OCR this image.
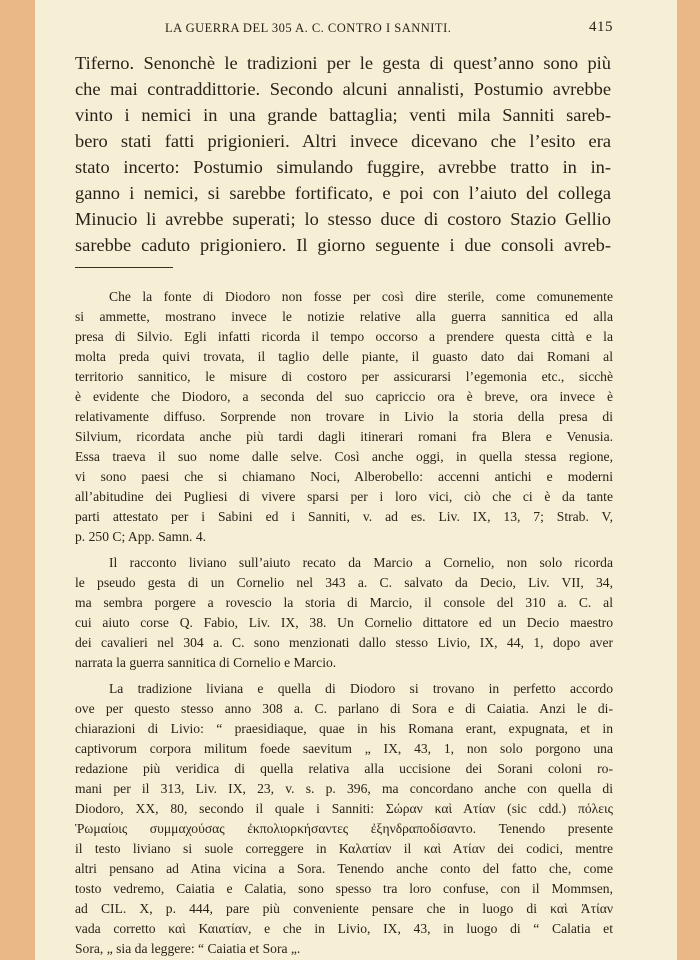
LA GUERRA DEL 305 A. C. CONTRO I SANNITI.	415
Tiferno. Senonchè le tradizioni per le gesta di quest’anno sono più
che mai contraddittorie. Secondo alcuni annalisti, Postumio avrebbe
vinto i nemici in una grande battaglia; venti mila Sanniti sareb-
bero stati fatti prigionieri. Altri invece dicevano che l’esito era
stato incerto: Postumio simulando fuggire, avrebbe tratto in in-
ganno i nemici, si sarebbe fortificato, e poi con l’aiuto del collega
Minucio li avrebbe superati; lo stesso duce di costoro Stazio Gellio
sarebbe caduto prigioniero. Il giorno seguente i due consoli avreb-
Che la fonte di Diodoro non fosse per così dire sterile, come comunemente
si ammette, mostrano invece le notizie relative alla guerra sannitica ed alla
presa di Silvio. Egli infatti ricorda il tempo occorso a prendere questa città e la
molta preda quivi trovata, il taglio delle piante, il guasto dato dai Romani al
territorio sannitico, le misure di costoro per assicurarsi l’egemonia etc., sicchè
è evidente che Diodoro, a seconda del suo capriccio ora è breve, ora invece è
relativamente diffuso. Sorprende non trovare in Livio la storia della presa di
Silvium, ricordata anche più tardi dagli itinerari romani fra Blera e Venusia.
Essa traeva il suo nome dalle selve. Così anche oggi, in quella stessa regione,
vi sono paesi che si chiamano Noci, Alberobello: accenni antichi e moderni
all’abitudine dei Pugliesi di vivere sparsi per i loro vici, ciò che ci è da tante
parti attestato per i Sabini ed i Sanniti, v. ad es. Liv. IX, 13, 7; Strab. V,
p. 250 C; App. Samn. 4.
Il racconto liviano sull’aiuto recato da Marcio a Cornelio, non solo ricorda
le pseudo gesta di un Cornelio nel 343 a. C. salvato da Decio, Liv. VII, 34,
ma sembra porgere a rovescio la storia di Marcio, il console del 310 a. C. al
cui aiuto corse Q. Fabio, Liv. IX, 38. Un Cornelio dittatore ed un Decio maestro
dei cavalieri nel 304 a. C. sono menzionati dallo stesso Livio, IX, 44, 1, dopo aver
narrata la guerra sannitica di Cornelio e Marcio.
La tradizione liviana e quella di Diodoro si trovano in perfetto accordo
ove per questo stesso anno 308 a. C. parlano di Sora e di Caiatia. Anzi le di-
chiarazioni di Livio: “ praesidiaque, quae in his Romana erant, expugnata, et in
captivorum corpora militum foede saevitum „ IX, 43, 1, non solo porgono una
redazione più veridica di quella relativa alla uccisione dei Sorani coloni ro-
mani per il 313, Liv. IX, 23, v. s. p. 396, ma concordano anche con quella di
Diodoro, XX, 80, secondo il quale i Sanniti: Σώραν καὶ Ατίαν (sic cdd.) πόλεις
Ῥωμαίοις συμμαχούσας ἐκπολιορκήσαντες ἐξηνδραποδίσαντο. Tenendo presente
il testo liviano si suole correggere in Καλατίαν il καὶ Ατίαν dei codici, mentre
altri pensano ad Atina vicina a Sora. Tenendo anche conto del fatto che, come
tosto vedremo, Caiatia e Calatia, sono spesso tra loro confuse, con il Mommsen,
ad CIL. X, p. 444, pare più conveniente pensare che in luogo di καὶ Ἀτίαν
vada corretto καὶ Καιατίαν, e che in Livio, IX, 43, in luogo di “ Calatia et
Sora, „ sia da leggere: “ Caiatia et Sora „.
